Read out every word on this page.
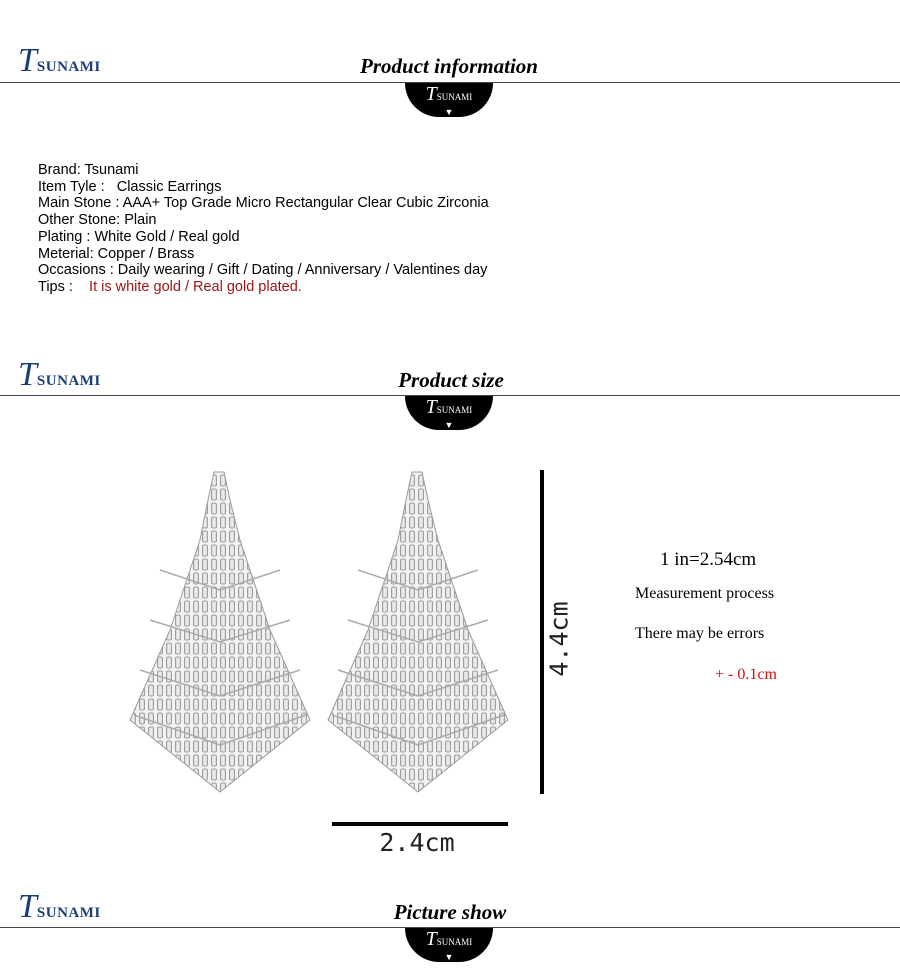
TSUNAMI	Product information
TSUNAMI
▼
Brand: Tsunami
Item Tyle : Classic Earrings
Main Stone : AAA+ Top Grade Micro Rectangular Clear Cubic Zirconia
Other Stone: Plain
Plating : White Gold / Real gold
Meterial: Copper / Brass
Occasions : Daily wearing / Gift / Dating / Anniversary / Valentines day
Tips : It is white gold / Real gold plated.
TSUNAMI	Product size
TSUNAMI
▼
4.4cm
2.4cm
1 in=2.54cm
Measurement process
There may be errors
+ - 0.1cm
TSUNAMI	Picture show
TSUNAMI
▼
